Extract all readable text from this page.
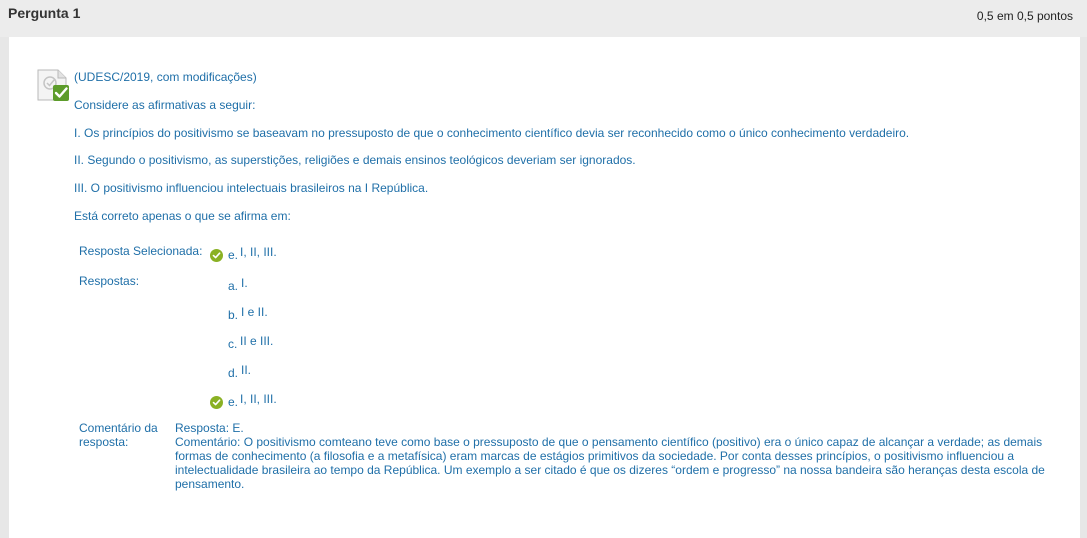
Pergunta 1	0,5 em 0,5 pontos
(UDESC/2019, com modificações)
Considere as afirmativas a seguir:
I. Os princípios do positivismo se baseavam no pressuposto de que o conhecimento científico devia ser reconhecido como o único conhecimento verdadeiro.
II. Segundo o positivismo, as superstições, religiões e demais ensinos teológicos deveriam ser ignorados.
III. O positivismo influenciou intelectuais brasileiros na I República.
Está correto apenas o que se afirma em:
Resposta Selecionada: e. I, II, III.
Respostas:	a. I.
b. I e II.
c. II e III.
d. II.
e. I, II, III.
Comentário da
resposta:
Resposta: E.
Comentário: O positivismo comteano teve como base o pressuposto de que o pensamento científico (positivo) era o único capaz de alcançar a verdade; as demais formas de conhecimento (a filosofia e a metafísica) eram marcas de estágios primitivos da sociedade. Por conta desses princípios, o positivismo influenciou a intelectualidade brasileira ao tempo da República. Um exemplo a ser citado é que os dizeres “ordem e progresso” na nossa bandeira são heranças desta escola de pensamento.
